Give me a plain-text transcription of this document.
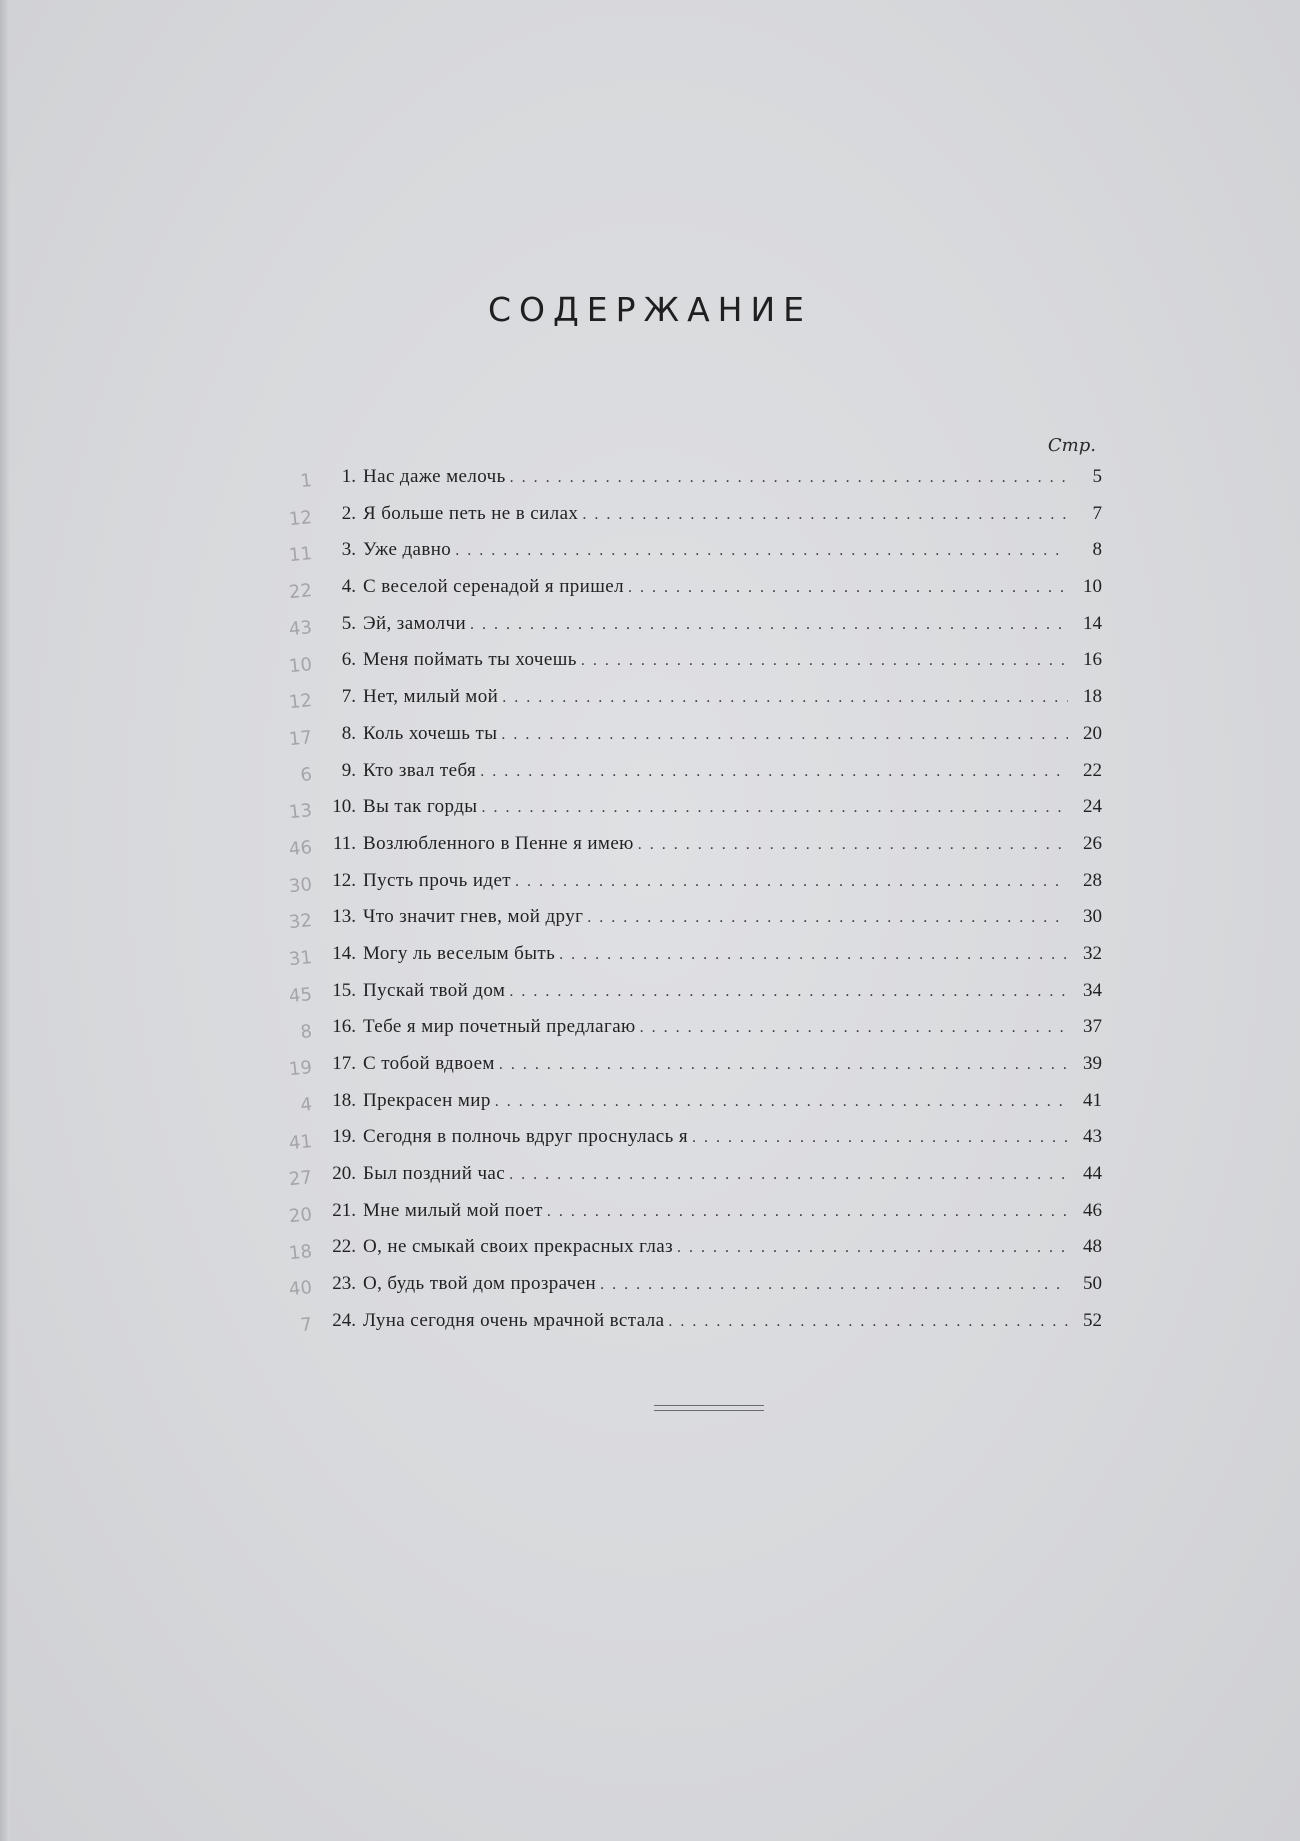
СОДЕРЖАНИЕ
Стр.
1. Нас даже мелочь . . .	5
2. Я больше петь не в силах . . .	7
3. Уже давно . . .	8
4. С веселой серенадой я пришел . . .	10
5. Эй, замолчи . . .	14
6. Меня поймать ты хочешь . . .	16
7. Нет, милый мой . . .	18
8. Коль хочешь ты . . .	20
9. Кто звал тебя . . .	22
10. Вы так горды . . .	24
11. Возлюбленного в Пенне я имею . . .	26
12. Пусть прочь идет . . .	28
13. Что значит гнев, мой друг . . .	30
14. Могу ль веселым быть . . .	32
15. Пускай твой дом . . .	34
16. Тебе я мир почетный предлагаю . . .	37
17. С тобой вдвоем . . .	39
18. Прекрасен мир . . .	41
19. Сегодня в полночь вдруг проснулась я . . .	43
20. Был поздний час . . .	44
21. Мне милый мой поет . . .	46
22. О, не смыкай своих прекрасных глаз . . .	48
23. О, будь твой дом прозрачен . . .	50
24. Луна сегодня очень мрачной встала . . .	52
1
12
11
22
43
10
12
17
6
13
46
30
32
31
45
8
19
4
41
27
20
18
40
7
